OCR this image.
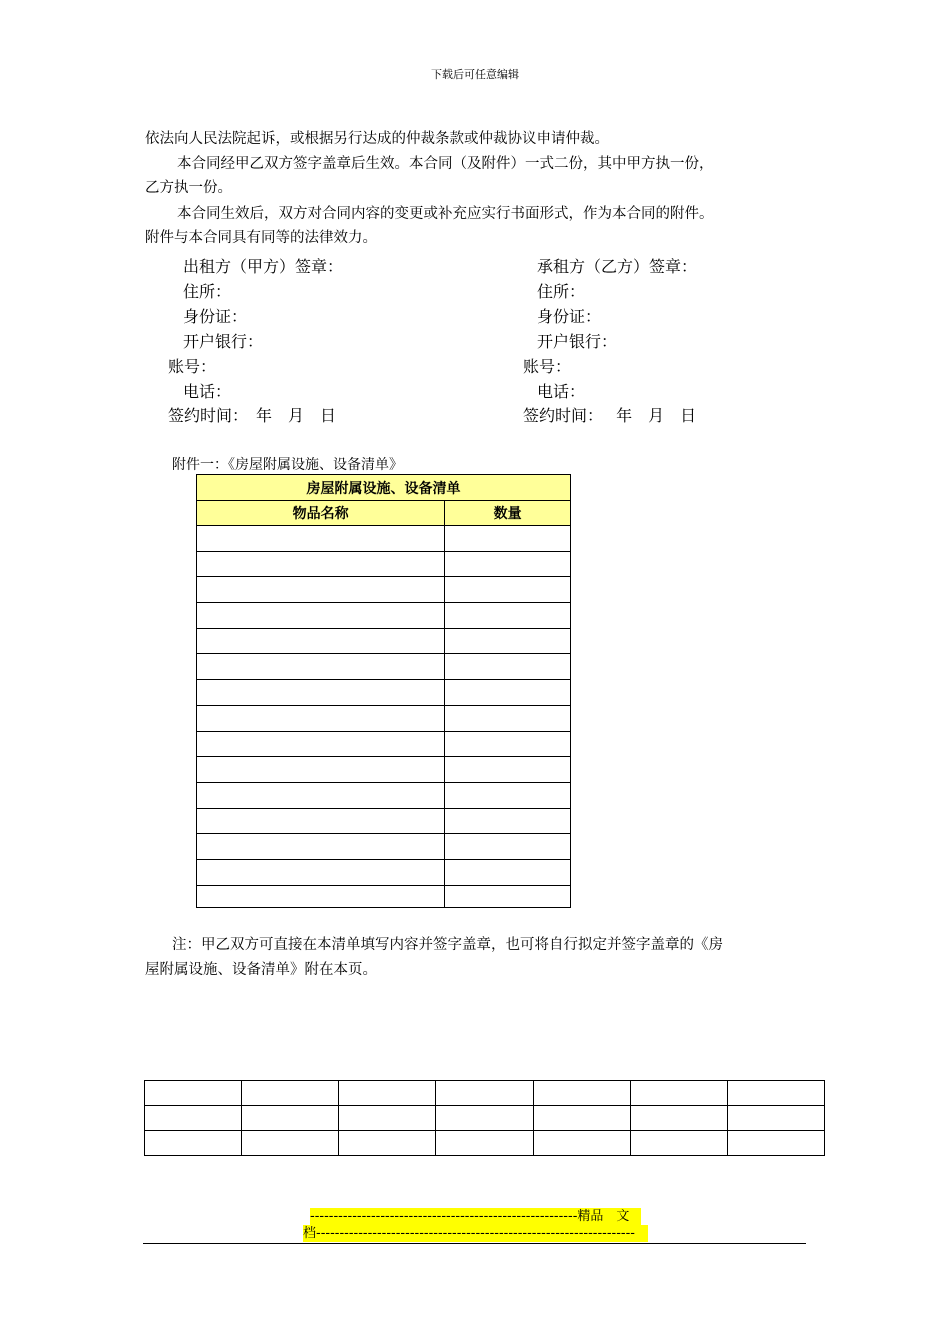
下载后可任意编辑
依法向人民法院起诉，或根据另行达成的仲裁条款或仲裁协议申请仲裁。
本合同经甲乙双方签字盖章后生效。本合同（及附件）一式二份，其中甲方执一份，
乙方执一份。
本合同生效后，双方对合同内容的变更或补充应实行书面形式，作为本合同的附件。
附件与本合同具有同等的法律效力。
出租方（甲方）签章：
住所：
身份证：
开户银行：
账号：
电话：
签约时间：　年　月　日
承租方（乙方）签章：
住所：
身份证：
开户银行：
账号：
电话：
签约时间：　 年　月　日
附件一：《房屋附属设施、设备清单》
房屋附属设施、设备清单	
物品名称	数量

注：甲乙双方可直接在本清单填写内容并签字盖章，也可将自行拟定并签字盖章的《房
屋附属设施、设备清单》附在本页。

---------------------------------------------------------精品　文
档--------------------------------------------------------------------
